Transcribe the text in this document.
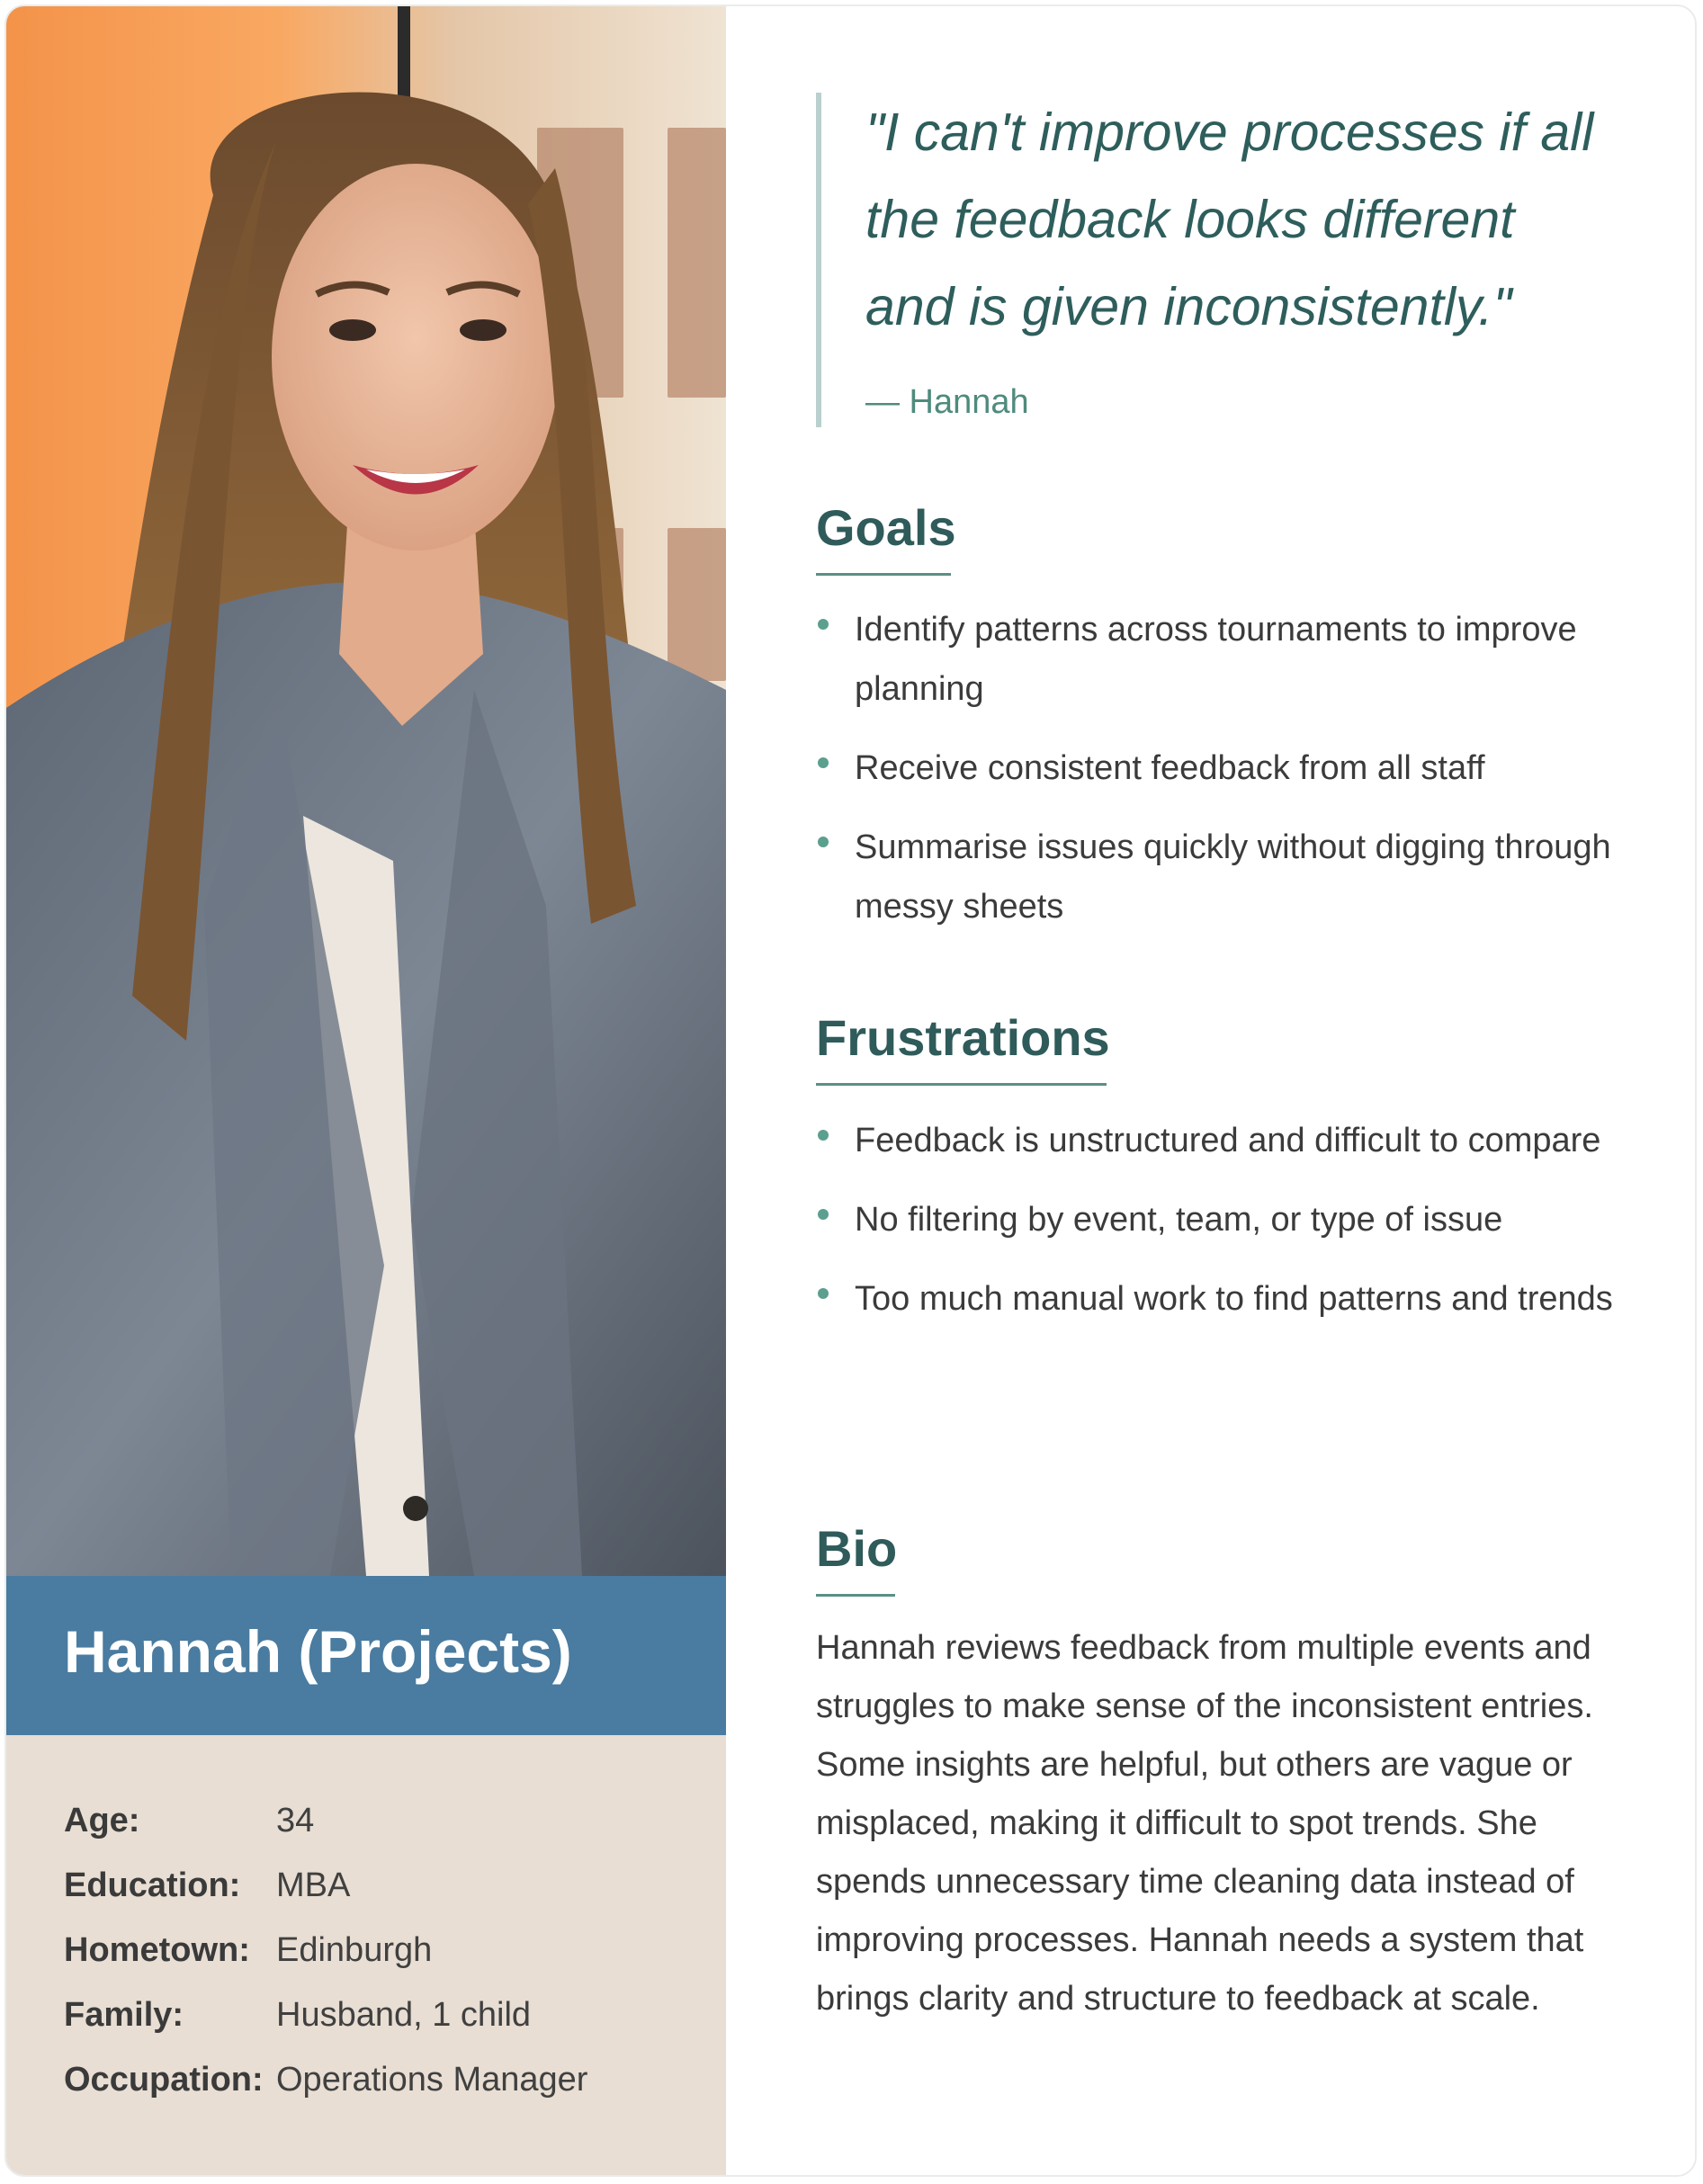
Hannah (Projects)
Age:	34
Education: MBA
Hometown: Edinburgh
Family:	Husband, 1 child
Occupation: Operations Manager
"I can't improve processes if all
the feedback looks different
and is given inconsistently."
— Hannah
Goals
Identify patterns across tournaments to improve planning
Receive consistent feedback from all staff
Summarise issues quickly without digging through messy sheets
Frustrations
Feedback is unstructured and difficult to compare
No filtering by event, team, or type of issue
Too much manual work to find patterns and trends
Bio
Hannah reviews feedback from multiple events and struggles to make sense of the inconsistent entries. Some insights are helpful, but others are vague or misplaced, making it difficult to spot trends. She spends unnecessary time cleaning data instead of improving processes. Hannah needs a system that brings clarity and structure to feedback at scale.
